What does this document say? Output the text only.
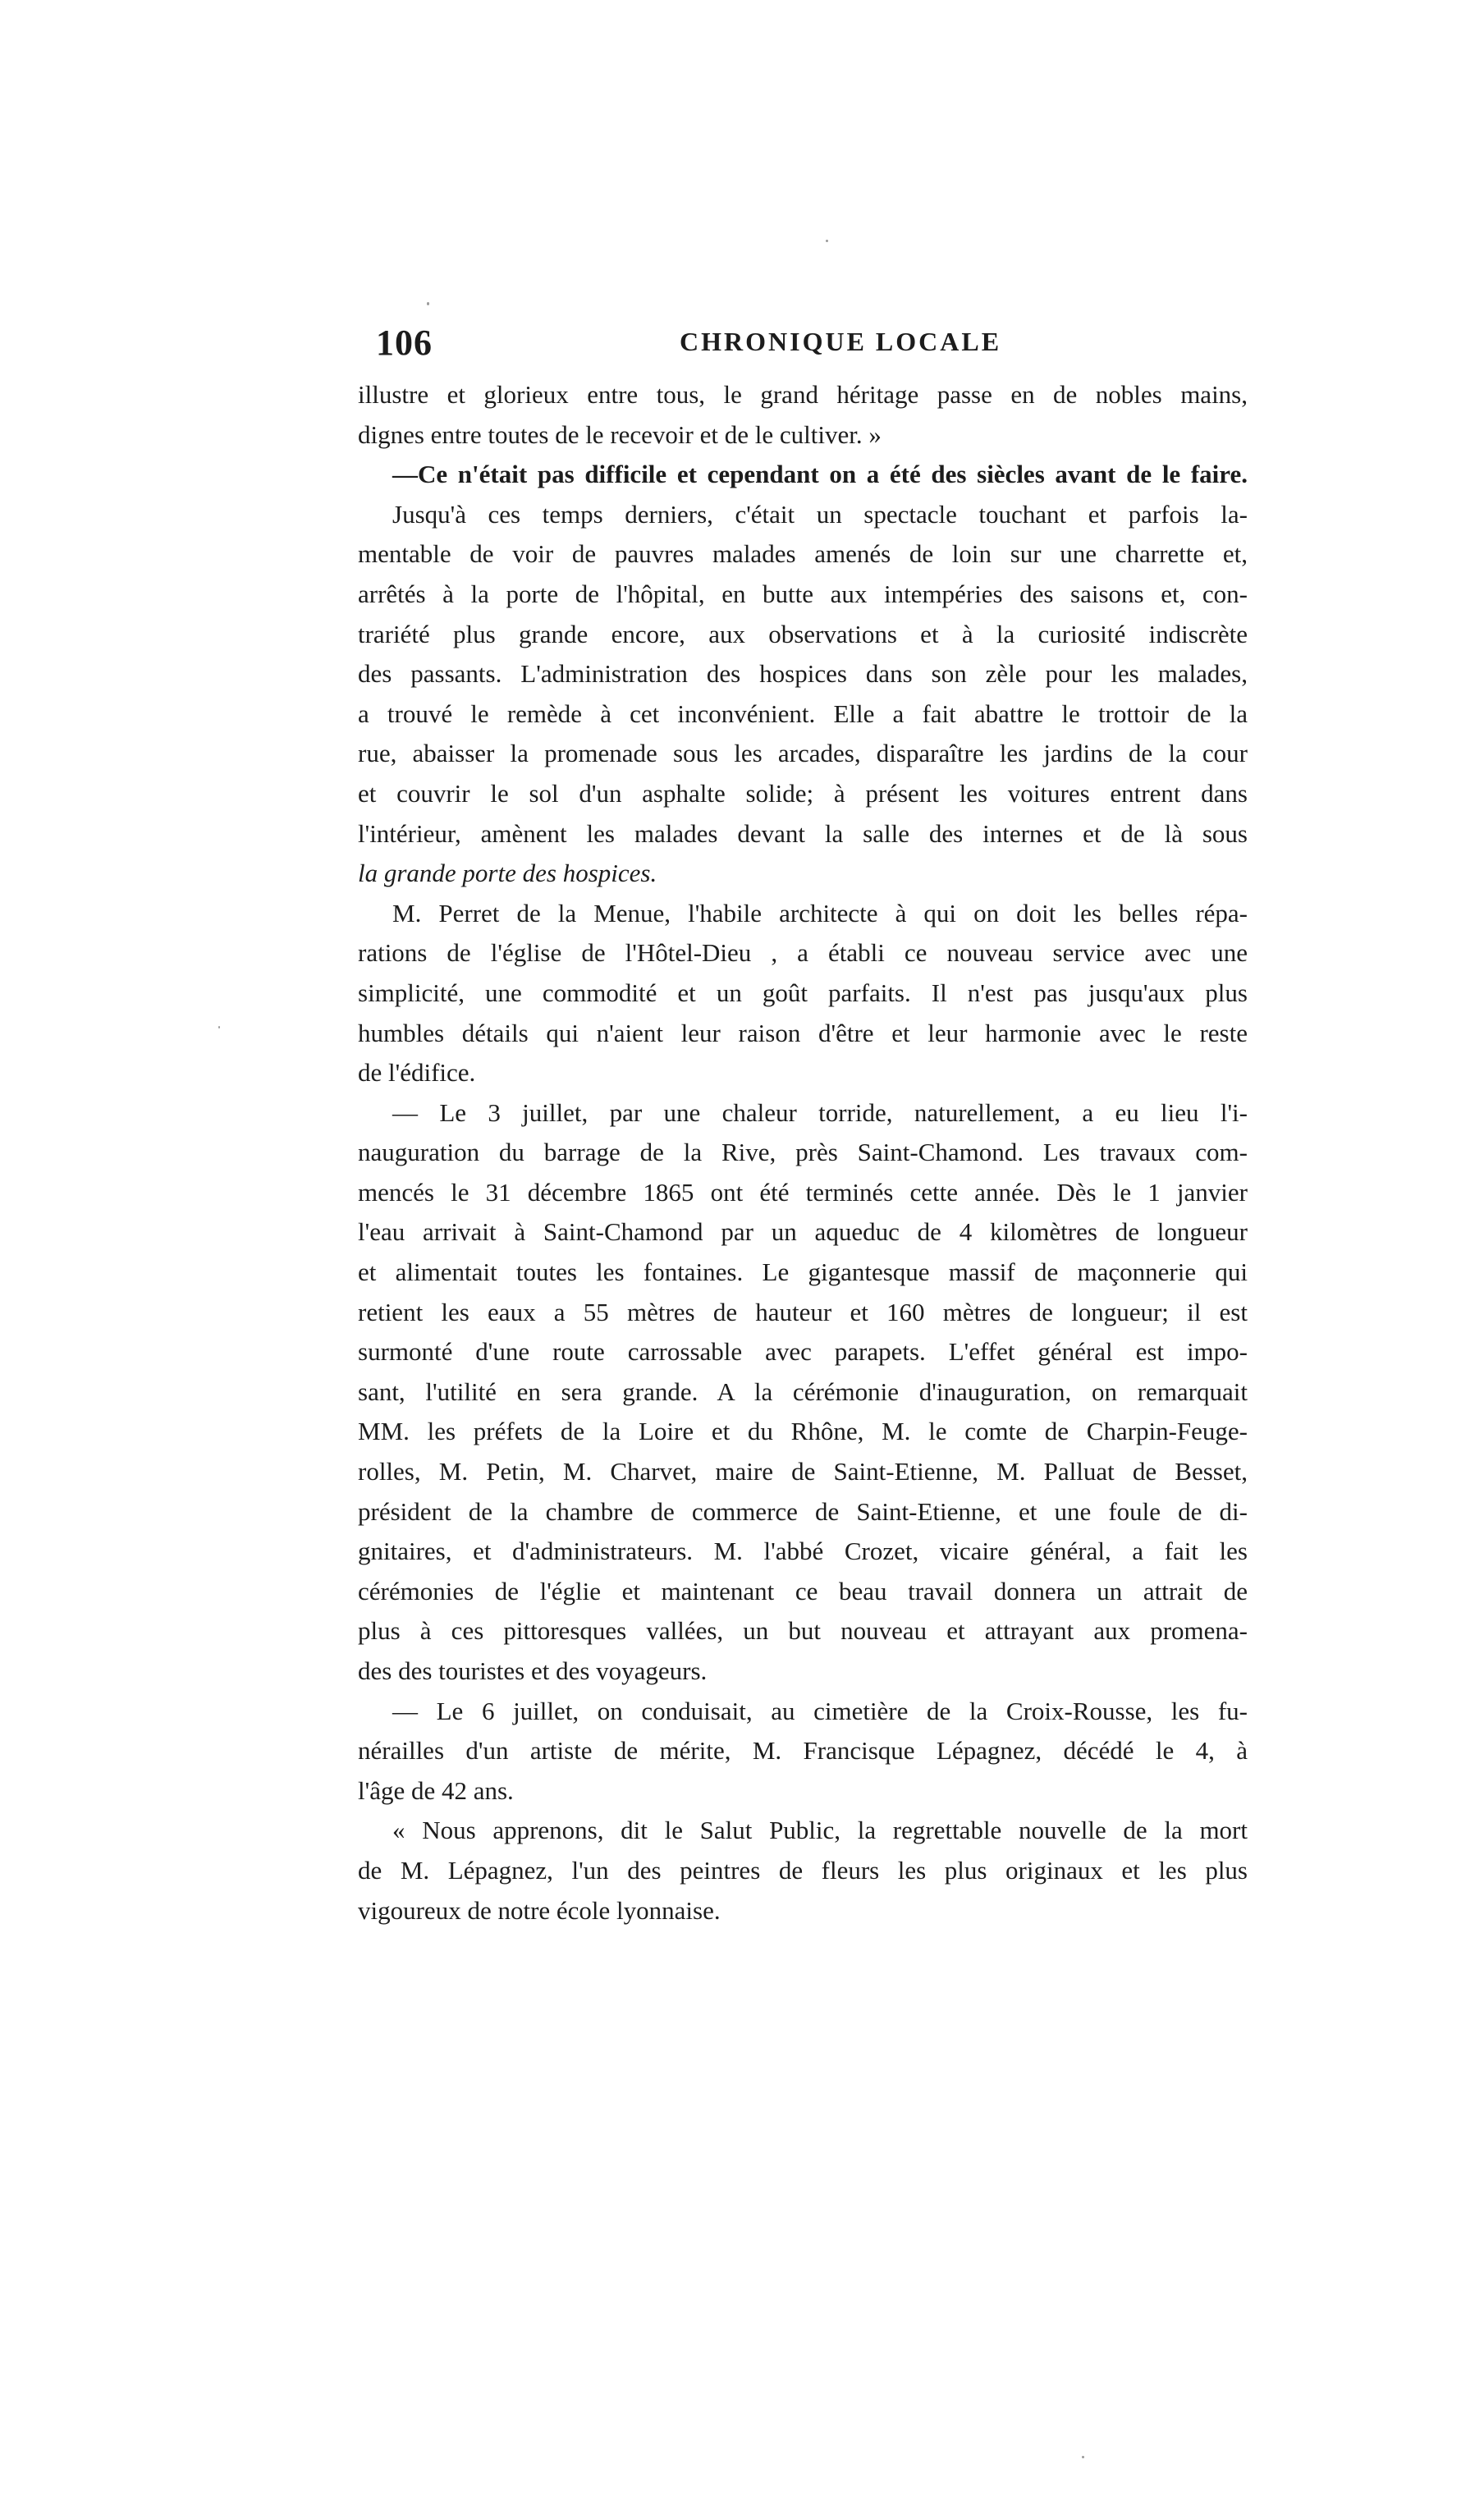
106	CHRONIQUE LOCALE

illustre et glorieux entre tous, le grand héritage passe en de nobles mains,
dignes entre toutes de le recevoir et de le cultiver. »

—Ce n'était pas difficile et cependant on a été des siècles avant de le faire.

Jusqu'à ces temps derniers, c'était un spectacle touchant et parfois la-
mentable de voir de pauvres malades amenés de loin sur une charrette et,
arrêtés à la porte de l'hôpital, en butte aux intempéries des saisons et, con-
trariété plus grande encore, aux observations et à la curiosité indiscrète
des passants. L'administration des hospices dans son zèle pour les malades,
a trouvé le remède à cet inconvénient. Elle a fait abattre le trottoir de la
rue, abaisser la promenade sous les arcades, disparaître les jardins de la cour
et couvrir le sol d'un asphalte solide; à présent les voitures entrent dans
l'intérieur, amènent les malades devant la salle des internes et de là sous
la grande porte des hospices.

M. Perret de la Menue, l'habile architecte à qui on doit les belles répa-
rations de l'église de l'Hôtel-Dieu , a établi ce nouveau service avec une
simplicité, une commodité et un goût parfaits. Il n'est pas jusqu'aux plus
humbles détails qui n'aient leur raison d'être et leur harmonie avec le reste
de l'édifice.

— Le 3 juillet, par une chaleur torride, naturellement, a eu lieu l'i-
nauguration du barrage de la Rive, près Saint-Chamond. Les travaux com-
mencés le 31 décembre 1865 ont été terminés cette année. Dès le 1 janvier
l'eau arrivait à Saint-Chamond par un aqueduc de 4 kilomètres de longueur
et alimentait toutes les fontaines. Le gigantesque massif de maçonnerie qui
retient les eaux a 55 mètres de hauteur et 160 mètres de longueur; il est
surmonté d'une route carrossable avec parapets. L'effet général est impo-
sant, l'utilité en sera grande. A la cérémonie d'inauguration, on remarquait
MM. les préfets de la Loire et du Rhône, M. le comte de Charpin-Feuge-
rolles, M. Petin, M. Charvet, maire de Saint-Etienne, M. Palluat de Besset,
président de la chambre de commerce de Saint-Etienne, et une foule de di-
gnitaires, et d'administrateurs. M. l'abbé Crozet, vicaire général, a fait les
cérémonies de l'églie et maintenant ce beau travail donnera un attrait de
plus à ces pittoresques vallées, un but nouveau et attrayant aux promena-
des des touristes et des voyageurs.

— Le 6 juillet, on conduisait, au cimetière de la Croix-Rousse, les fu-
nérailles d'un artiste de mérite, M. Francisque Lépagnez, décédé le 4, à
l'âge de 42 ans.

« Nous apprenons, dit le Salut Public, la regrettable nouvelle de la mort
de M. Lépagnez, l'un des peintres de fleurs les plus originaux et les plus
vigoureux de notre école lyonnaise.
